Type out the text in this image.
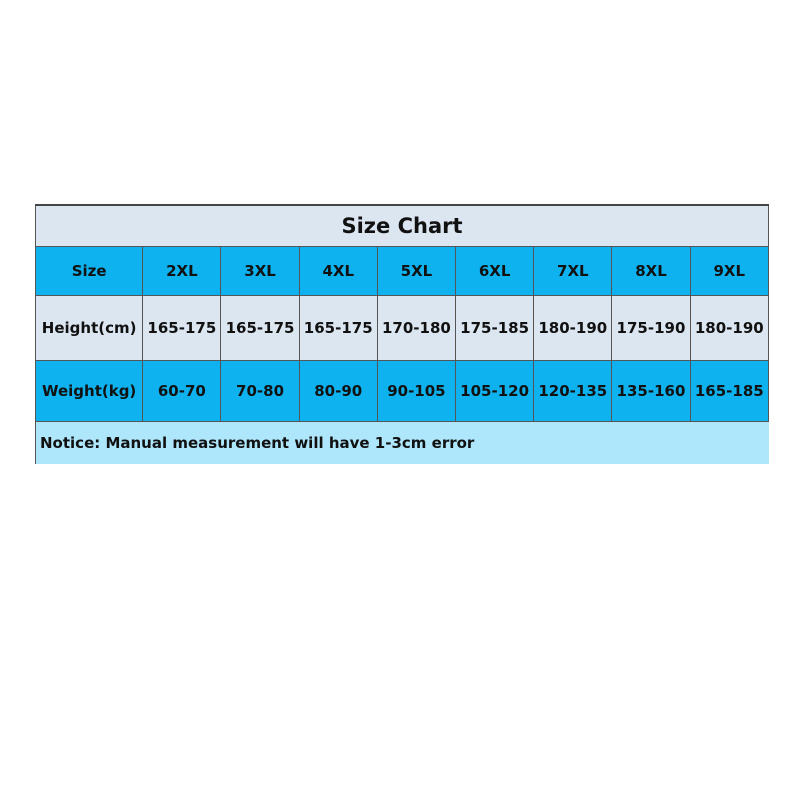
Size Chart								
Size	2XL	3XL	4XL	5XL	6XL	7XL	8XL	9XL
Height(cm)	165-175	165-175	165-175	170-180	175-185	180-190	175-190	180-190
Weight(kg)	60-70	70-80	80-90	90-105	105-120	120-135	135-160	165-185
Notice: Manual measurement will have 1-3cm error								
